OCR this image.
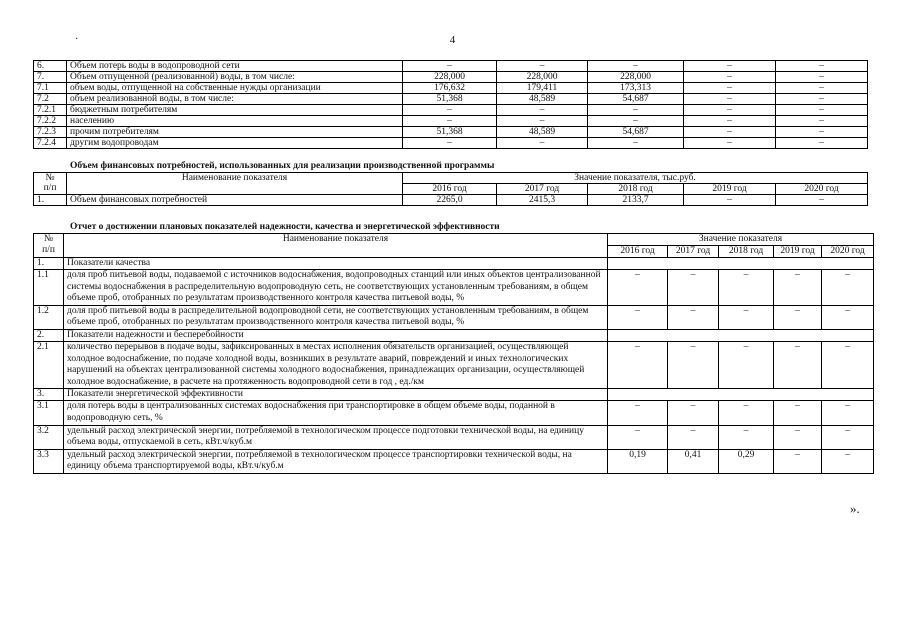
·	4
6.	Объем потерь воды в водопроводной сети	–	–	–	–	–
7.	Объем отпущенной (реализованной) воды, в том числе:	228,000	228,000	228,000	–	–
7.1	объем воды, отпущенной на собственные нужды организации	176,632	179,411	173,313	–	–
7.2	объем реализованной воды, в том числе:	51,368	48,589	54,687	–	–
7.2.1	бюджетным потребителям	–	–	–	–	–
7.2.2	населению	–	–	–	–	–
7.2.3	прочим потребителям	51,368	48,589	54,687	–	–
7.2.4	другим водопроводам	–	–	–	–	–
Объем финансовых потребностей, использованных для реализации производственной программы
№
п/п	Наименование показателя	Значение показателя, тыс.руб.				
		2016 год	2017 год	2018 год	2019 год	2020 год
1.	Объем финансовых потребностей	2265,0	2415,3	2133,7	–	–
Отчет о достижении плановых показателей надежности, качества и энергетической эффективности
№
п/п	Наименование показателя	Значение показателя				
		2016 год	2017 год	2018 год	2019 год	2020 год
1.	Показатели качества					
1.1	доля проб питьевой воды, подаваемой с источников водоснабжения, водопроводных станций или иных объектов централизованной системы водоснабжения в распределительную водопроводную сеть, не соответствующих установленным требованиям, в общем объеме проб, отобранных по результатам производственного контроля качества питьевой воды, %	–	–	–	–	–
1.2	доля проб питьевой воды в распределительной водопроводной сети, не соответствующих установленным требованиям, в общем объеме проб, отобранных по результатам производственного контроля качества питьевой воды, %	–	–	–	–	–
2.	Показатели надежности и бесперебойности					
2.1	количество перерывов в подаче воды, зафиксированных в местах исполнения обязательств организацией, осуществляющей холодное водоснабжение, по подаче холодной воды, возникших в результате аварий, повреждений и иных технологических нарушений на объектах централизованной системы холодного водоснабжения, принадлежащих организации, осуществляющей холодное водоснабжение, в расчете на протяженность водопроводной сети в год , ед./км	–	–	–	–	–
3.	Показатели энергетической эффективности					
3.1	доля потерь воды в централизованных системах водоснабжения при транспортировке в общем объеме воды, поданной в водопроводную сеть, %	–	–	–	–	–
3.2	удельный расход электрической энергии, потребляемой в технологическом процессе подготовки технической воды, на единицу объема воды, отпускаемой в сеть, кВт.ч/куб.м	–	–	–	–	–
3.3	удельный расход электрической энергии, потребляемой в технологическом процессе транспортировки технической воды, на единицу объема транспортируемой воды, кВт.ч/куб.м	0,19	0,41	0,29	–	–
».
